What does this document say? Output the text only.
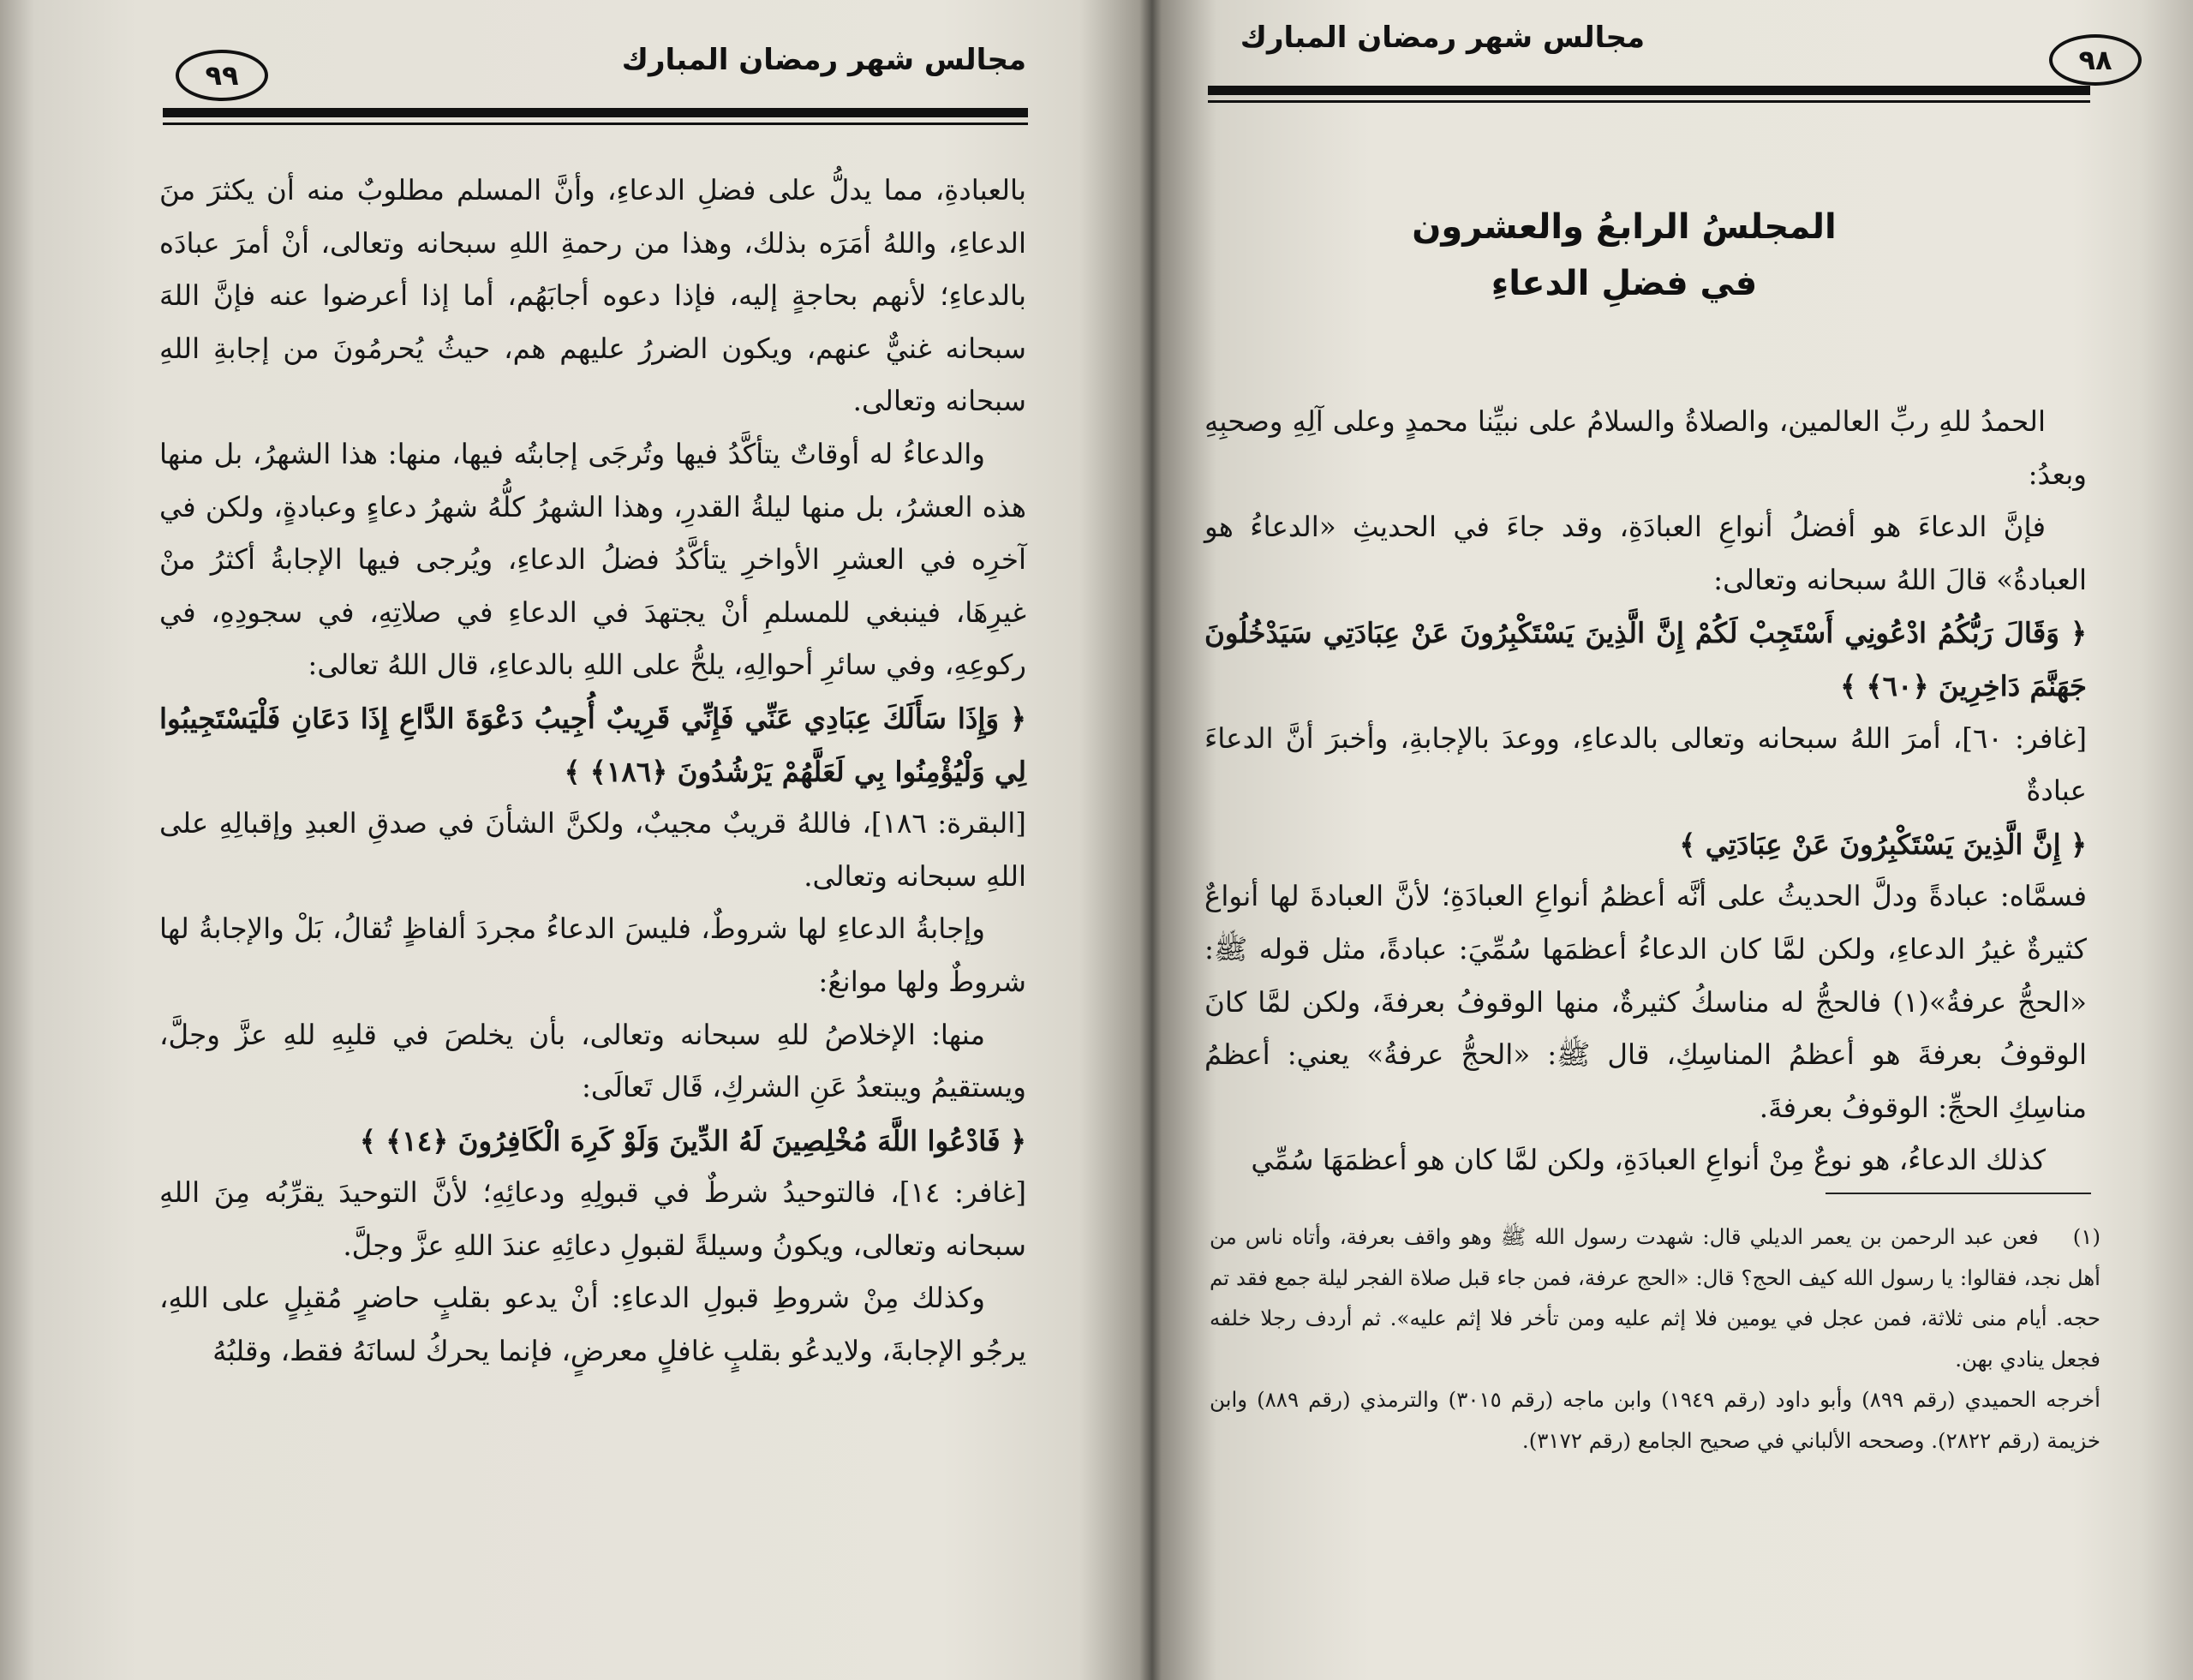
مجالس شهر رمضان المبارك
٩٩

بالعبادةِ، مما يدلُّ على فضلِ الدعاءِ، وأنَّ المسلم مطلوبٌ منه أن يكثرَ منَ الدعاءِ، واللهُ أمَرَه بذلك، وهذا من رحمةِ اللهِ سبحانه وتعالى، أنْ أمرَ عبادَه بالدعاءِ؛ لأنهم بحاجةٍ إليه، فإذا دعوه أجابَهُم، أما إذا أعرضوا عنه فإنَّ اللهَ سبحانه غنيٌّ عنهم، ويكون الضررُ عليهم هم، حيثُ يُحرمُونَ من إجابةِ اللهِ سبحانه وتعالى.

والدعاءُ له أوقاتٌ يتأكَّدُ فيها وتُرجَى إجابتُه فيها، منها: هذا الشهرُ، بل منها هذه العشرُ، بل منها ليلةُ القدرِ، وهذا الشهرُ كلُّهُ شهرُ دعاءٍ وعبادةٍ، ولكن في آخرِه في العشرِ الأواخرِ يتأكَّدُ فضلُ الدعاءِ، ويُرجى فيها الإجابةُ أكثرُ منْ غيرِهَا، فينبغي للمسلمِ أنْ يجتهدَ في الدعاءِ في صلاتِهِ، في سجودِهِ، في ركوعِهِ، وفي سائرِ أحوالِهِ، يلحُّ على اللهِ بالدعاءِ، قال اللهُ تعالى:

﴿ وَإِذَا سَأَلَكَ عِبَادِي عَنِّي فَإِنِّي قَرِيبٌ أُجِيبُ دَعْوَةَ الدَّاعِ إِذَا دَعَانِ فَلْيَسْتَجِيبُوا لِي وَلْيُؤْمِنُوا بِي لَعَلَّهُمْ يَرْشُدُونَ ﴿١٨٦﴾ ﴾

[البقرة: ١٨٦]، فاللهُ قريبٌ مجيبٌ، ولكنَّ الشأنَ في صدقِ العبدِ وإقبالِهِ على اللهِ سبحانه وتعالى.

وإجابةُ الدعاءِ لها شروطٌ، فليسَ الدعاءُ مجردَ ألفاظٍ تُقالُ، بَلْ والإجابةُ لها شروطٌ ولها موانعُ:

منها: الإخلاصُ للهِ سبحانه وتعالى، بأن يخلصَ في قلبِهِ للهِ عزَّ وجلَّ، ويستقيمُ ويبتعدُ عَنِ الشركِ، قَال تَعالَى:

﴿ فَادْعُوا اللَّهَ مُخْلِصِينَ لَهُ الدِّينَ وَلَوْ كَرِهَ الْكَافِرُونَ ﴿١٤﴾ ﴾

[غافر: ١٤]، فالتوحيدُ شرطٌ في قبولِهِ ودعائِهِ؛ لأنَّ التوحيدَ يقرِّبُه مِنَ اللهِ سبحانه وتعالى، ويكونُ وسيلةً لقبولِ دعائِهِ عندَ اللهِ عزَّ وجلَّ.

وكذلك مِنْ شروطِ قبولِ الدعاءِ: أنْ يدعو بقلبٍ حاضرٍ مُقبِلٍ على اللهِ، يرجُو الإجابةَ، ولايدعُو بقلبٍ غافلٍ معرضٍ، فإنما يحركُ لسانَهُ فقط، وقلبُهُ

مجالس شهر رمضان المبارك
٩٨
المجلسُ الرابعُ والعشرون
في فضلِ الدعاءِ

الحمدُ للهِ ربِّ العالمين، والصلاةُ والسلامُ على نبيِّنا محمدٍ وعلى آلِهِ وصحبِهِ وبعدُ:

فإنَّ الدعاءَ هو أفضلُ أنواعِ العبادَةِ، وقد جاءَ في الحديثِ «الدعاءُ هو العبادةُ» قالَ اللهُ سبحانه وتعالى:

﴿ وَقَالَ رَبُّكُمُ ادْعُونِي أَسْتَجِبْ لَكُمْ إِنَّ الَّذِينَ يَسْتَكْبِرُونَ عَنْ عِبَادَتِي سَيَدْخُلُونَ جَهَنَّمَ دَاخِرِينَ ﴿٦٠﴾ ﴾

[غافر: ٦٠]، أمرَ اللهُ سبحانه وتعالى بالدعاءِ، ووعدَ بالإجابةِ، وأخبرَ أنَّ الدعاءَ عبادةٌ

﴿ إِنَّ الَّذِينَ يَسْتَكْبِرُونَ عَنْ عِبَادَتِي ﴾

فسمَّاه: عبادةً ودلَّ الحديثُ على أنَّه أعظمُ أنواعِ العبادَةِ؛ لأنَّ العبادةَ لها أنواعٌ كثيرةٌ غيرُ الدعاءِ، ولكن لمَّا كان الدعاءُ أعظمَها سُمِّيَ: عبادةً، مثل قوله ﷺ: «الحجُّ عرفةُ»(١) فالحجُّ له مناسكُ كثيرةٌ، منها الوقوفُ بعرفةَ، ولكن لمَّا كانَ الوقوفُ بعرفةَ هو أعظمُ المناسِكِ، قال ﷺ: «الحجُّ عرفةُ» يعني: أعظمُ مناسِكِ الحجِّ: الوقوفُ بعرفةَ.

كذلك الدعاءُ، هو نوعٌ مِنْ أنواعِ العبادَةِ، ولكن لمَّا كان هو أعظمَهَا سُمِّي

(١) فعن عبد الرحمن بن يعمر الديلي قال: شهدت رسول الله ﷺ وهو واقف بعرفة، وأتاه ناس من أهل نجد، فقالوا: يا رسول الله كيف الحج؟ قال: «الحج عرفة، فمن جاء قبل صلاة الفجر ليلة جمع فقد تم حجه. أيام منى ثلاثة، فمن عجل في يومين فلا إثم عليه ومن تأخر فلا إثم عليه». ثم أردف رجلا خلفه فجعل ينادي بهن.

أخرجه الحميدي (رقم ٨٩٩) وأبو داود (رقم ١٩٤٩) وابن ماجه (رقم ٣٠١٥) والترمذي (رقم ٨٨٩) وابن خزيمة (رقم ٢٨٢٢). وصححه الألباني في صحيح الجامع (رقم ٣١٧٢).
